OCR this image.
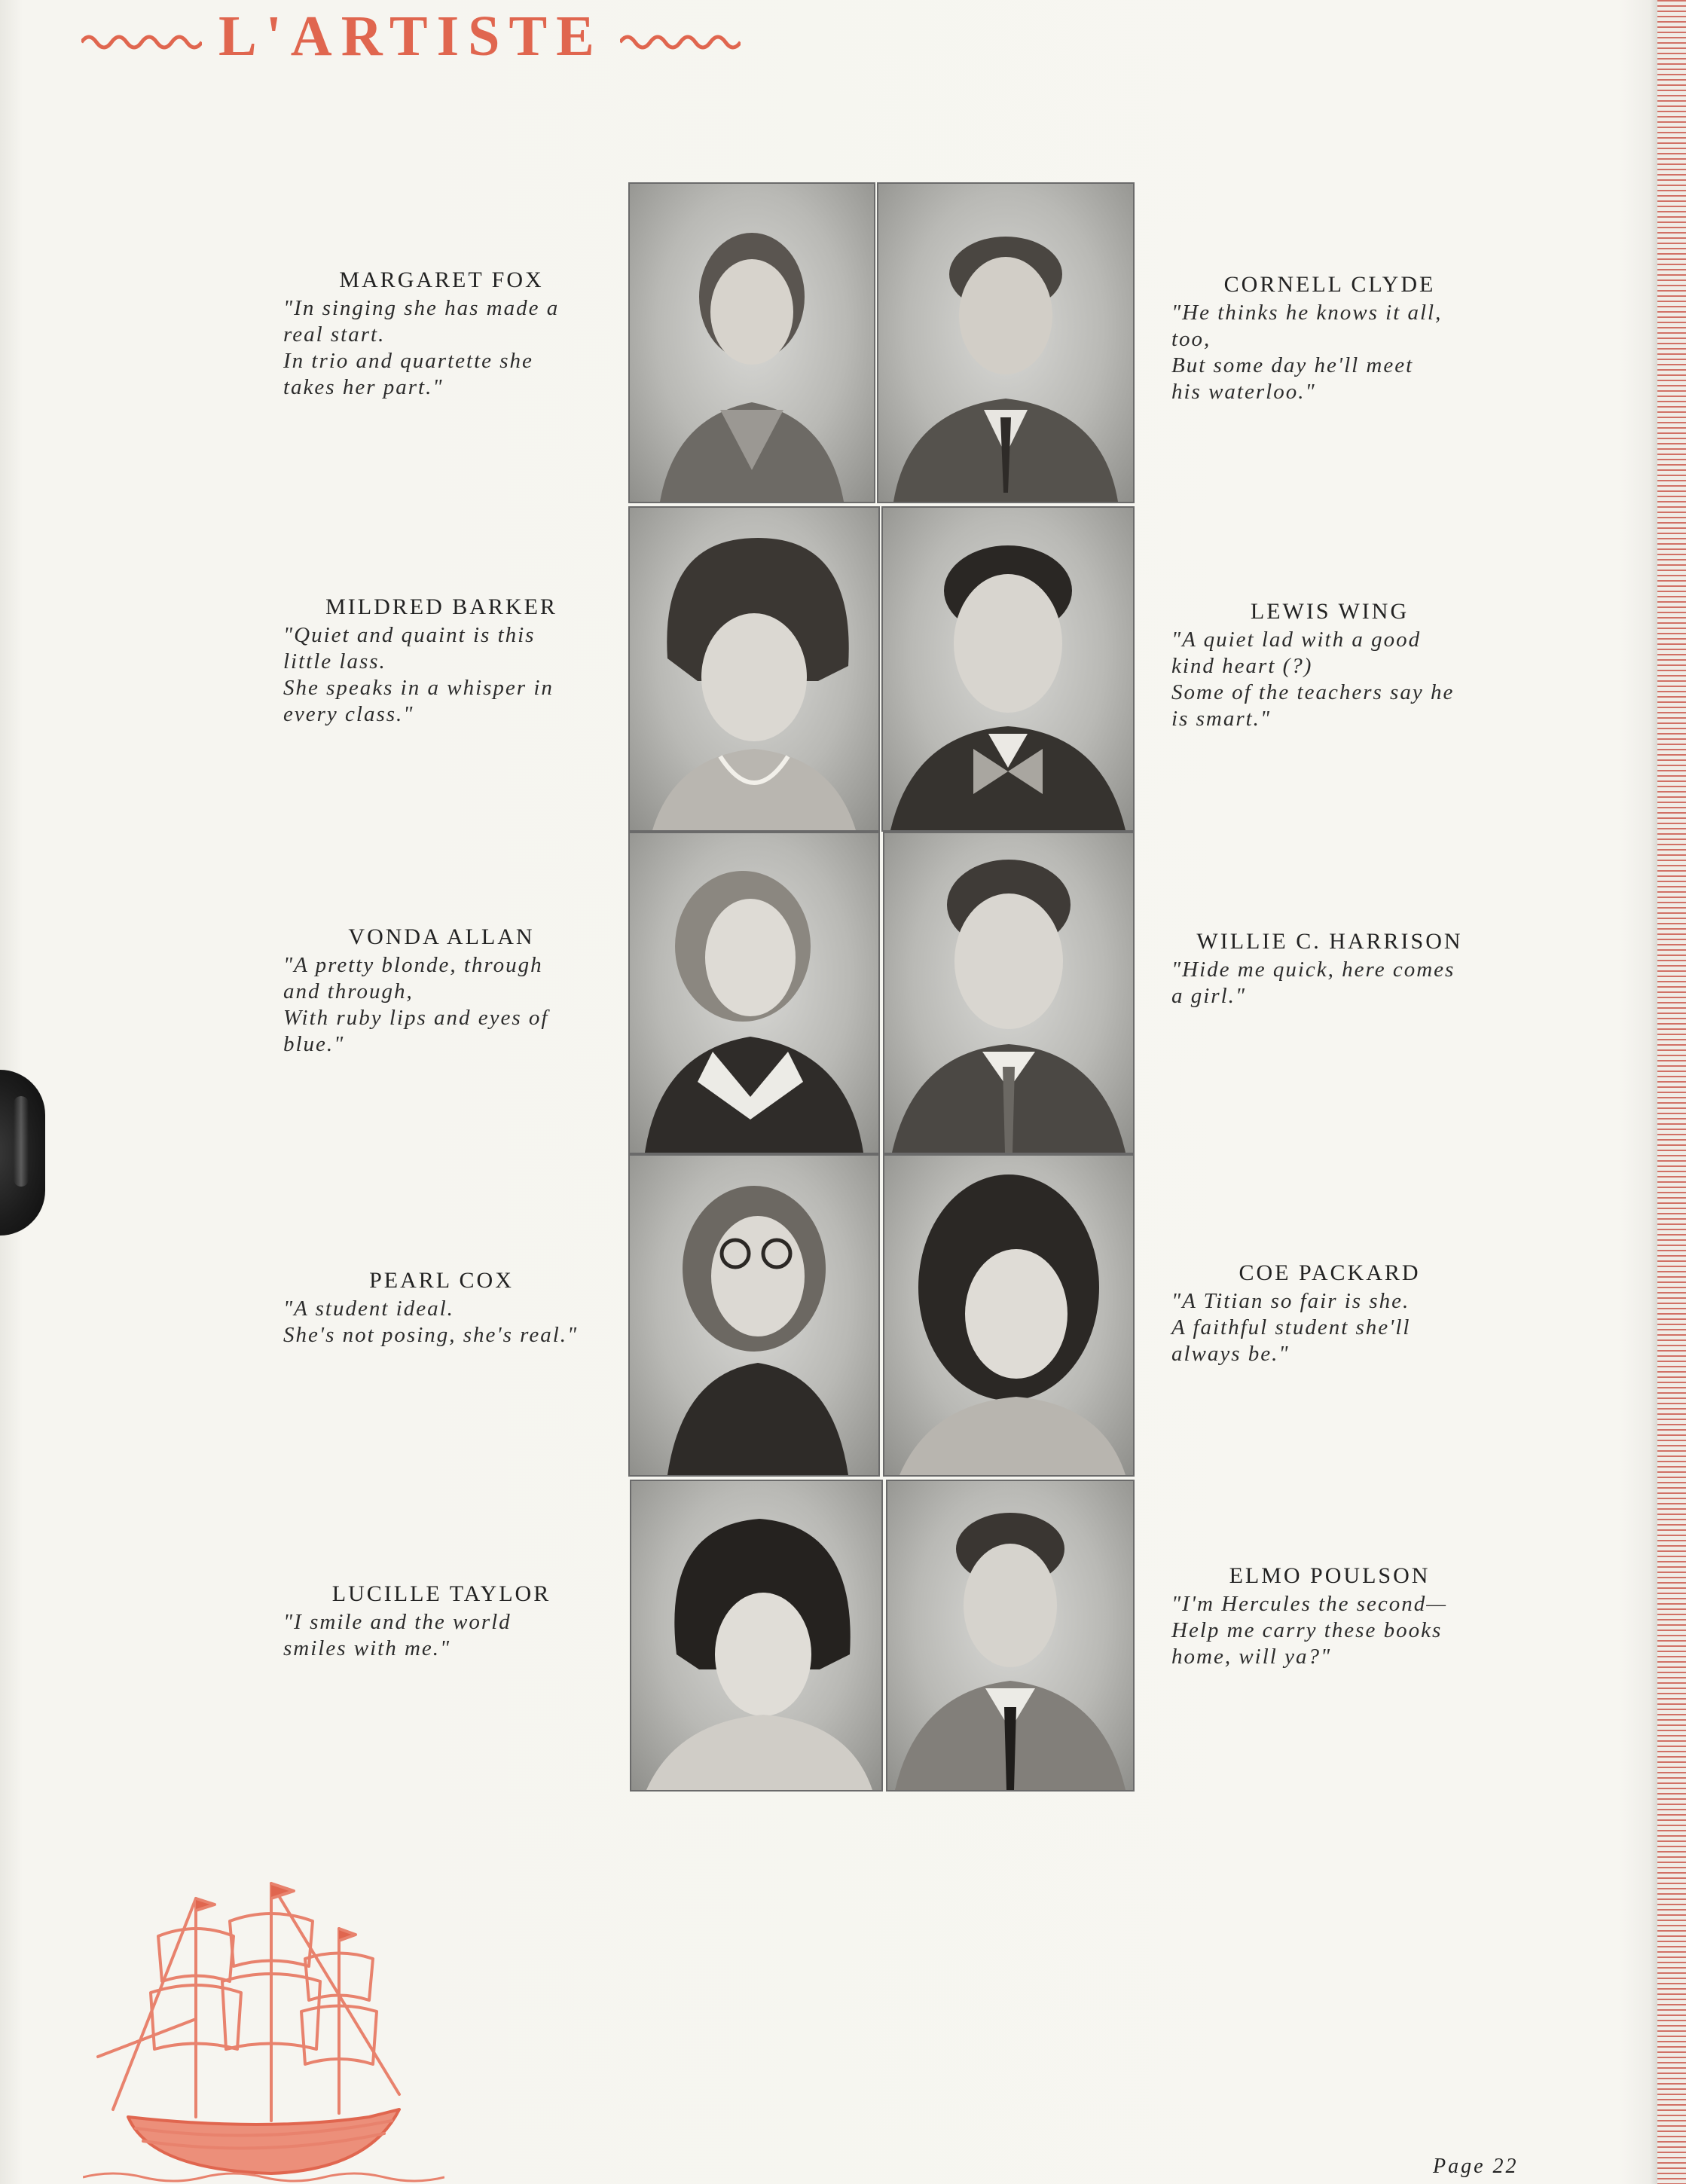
L'ARTISTE
MARGARET FOX
"In singing she has made a
real start.
In trio and quartette she
takes her part."
MILDRED BARKER
"Quiet and quaint is this
little lass.
She speaks in a whisper in
every class."
VONDA ALLAN
"A pretty blonde, through
and through,
With ruby lips and eyes of
blue."
PEARL COX
"A student ideal.
She's not posing, she's real."
LUCILLE TAYLOR
"I smile and the world
smiles with me."
CORNELL CLYDE
"He thinks he knows it all,
too,
But some day he'll meet
his waterloo."
LEWIS WING
"A quiet lad with a good
kind heart (?)
Some of the teachers say he
is smart."
WILLIE C. HARRISON
"Hide me quick, here comes
a girl."
COE PACKARD
"A Titian so fair is she.
A faithful student she'll
always be."
ELMO POULSON
"I'm Hercules the second—
Help me carry these books
home, will ya?"
Page 22
